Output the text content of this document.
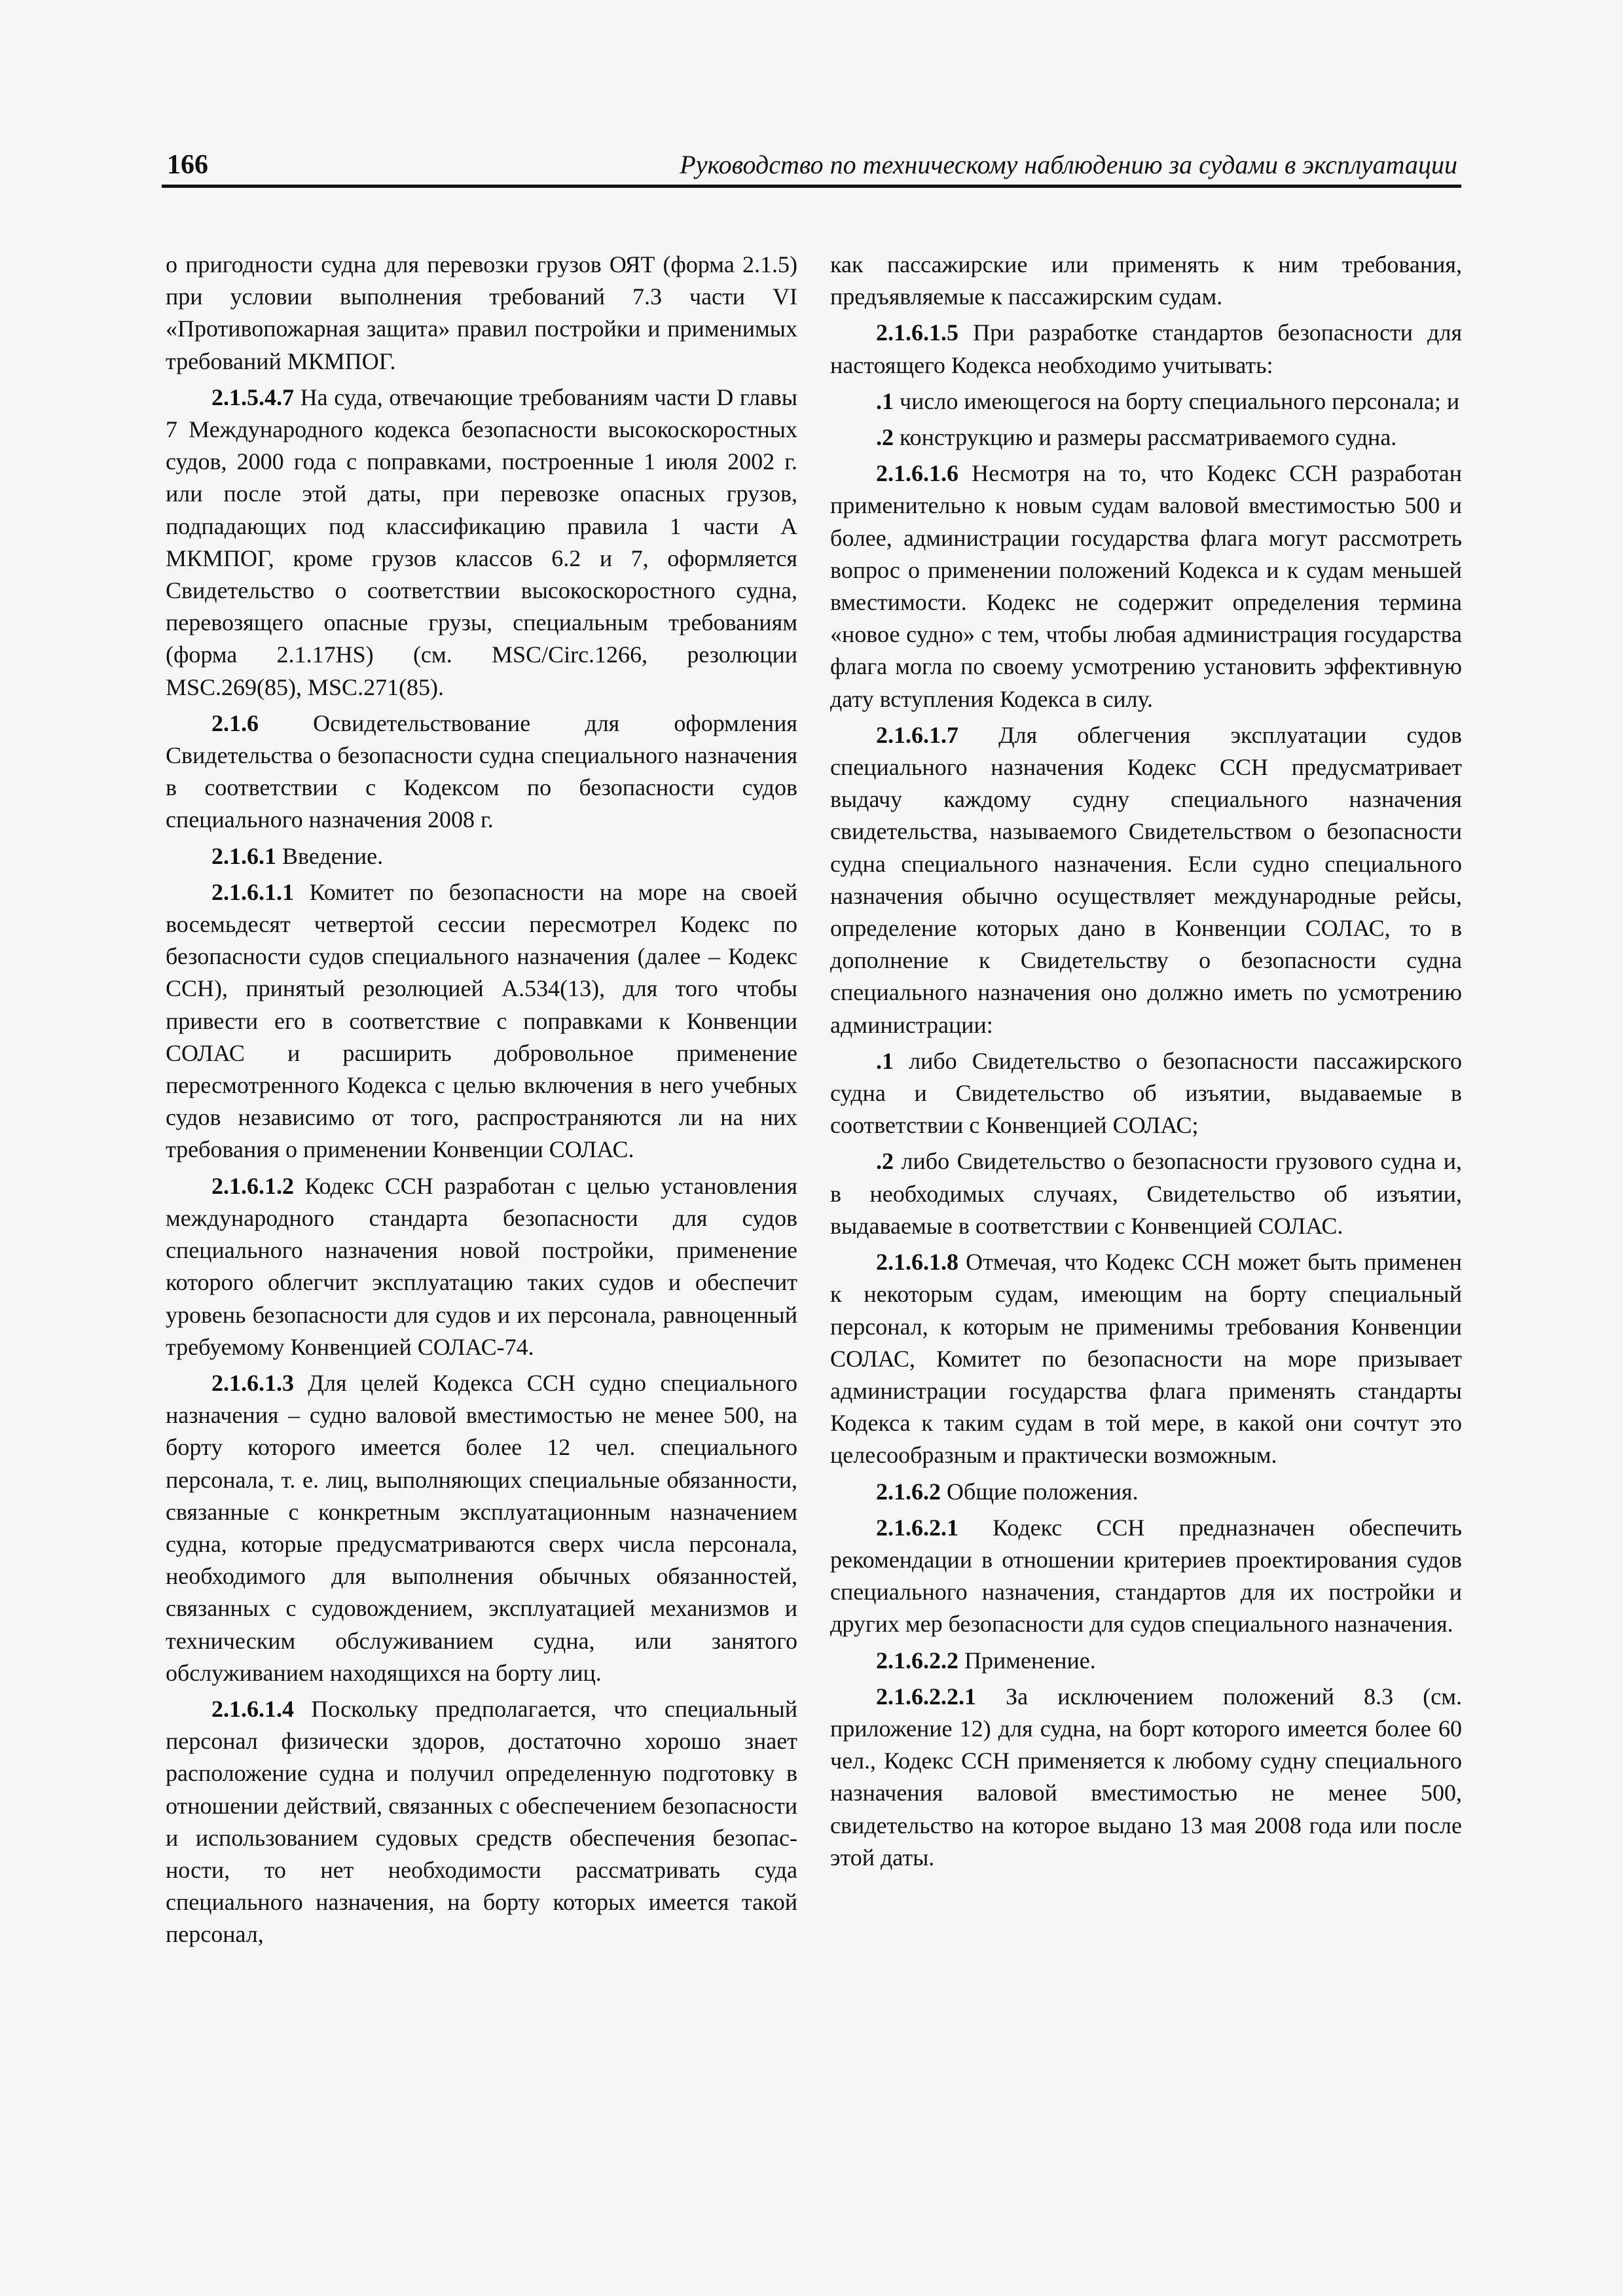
166	Руководство по техническому наблюдению за судами в эксплуатации

о пригодности судна для перевозки грузов ОЯТ (форма 2.1.5) при условии выполнения требований 7.3 части VI «Противопожарная защита» правил постройки и применимых требований МКМПОГ.

2.1.5.4.7 На суда, отвечающие требованиям части D главы 7 Международного кодекса безопасности высокоскоростных судов, 2000 года с поправками, построенные 1 июля 2002 г. или после этой даты, при перевозке опасных грузов, подпадающих под классификацию правила 1 части A МКМПОГ, кроме грузов классов 6.2 и 7, оформляется Свидетельство о соответствии высокоскоростного судна, перевозящего опасные грузы, специальным требованиям (форма 2.1.17HS) (см. MSC/Circ.1266, резолюции MSC.269(85), MSC.271(85).

2.1.6 Освидетельствование для оформления Свидетельства о безопасности судна специального назначения в соответствии с Кодексом по безопасности судов специального назначения 2008 г.

2.1.6.1 Введение.

2.1.6.1.1 Комитет по безопасности на море на своей восемьдесят четвертой сессии пересмотрел Кодекс по безопасности судов специального назначения (далее – Кодекс ССН), принятый резолюцией A.534(13), для того чтобы привести его в соответствие с поправками к Конвенции СОЛАС и расширить добровольное применение пересмотренного Кодекса с целью включения в него учебных судов независимо от того, распространяются ли на них требования о применении Конвенции СОЛАС.

2.1.6.1.2 Кодекс ССН разработан с целью установления международного стандарта безопасности для судов специального назначения новой постройки, применение которого облегчит эксплуатацию таких судов и обеспечит уровень безопасности для судов и их персонала, равноценный требуемому Конвенцией СОЛАС-74.

2.1.6.1.3 Для целей Кодекса ССН судно специального назначения – судно валовой вместимостью не менее 500, на борту которого имеется более 12 чел. специального персонала, т. е. лиц, выполняющих специальные обязанности, связанные с конкретным эксплуатационным назначением судна, которые предусматриваются сверх числа персонала, необходимого для выполнения обычных обязанностей, связанных с судовождением, эксплуатацией механизмов и техническим обслуживанием судна, или занятого обслуживанием находящихся на борту лиц.

2.1.6.1.4 Поскольку предполагается, что специальный персонал физически здоров, достаточно хорошо знает расположение судна и получил определенную подготовку в отношении действий, связанных с обеспечением безопасности и использованием судовых средств обеспечения безопас-ности, то нет необходимости рассматривать суда специального назначения, на борту которых имеется такой персонал,

как пассажирские или применять к ним требования, предъявляемые к пассажирским судам.

2.1.6.1.5 При разработке стандартов безопасности для настоящего Кодекса необходимо учитывать:

.1 число имеющегося на борту специального персонала; и

.2 конструкцию и размеры рассматриваемого судна.

2.1.6.1.6 Несмотря на то, что Кодекс ССН разработан применительно к новым судам валовой вместимостью 500 и более, администрации государства флага могут рассмотреть вопрос о применении положений Кодекса и к судам меньшей вместимости. Кодекс не содержит определения термина «новое судно» с тем, чтобы любая администрация государства флага могла по своему усмотрению установить эффективную дату вступления Кодекса в силу.

2.1.6.1.7 Для облегчения эксплуатации судов специального назначения Кодекс ССН предусматривает выдачу каждому судну специального назначения свидетельства, называемого Свидетельством о безопасности судна специального назначения. Если судно специального назначения обычно осуществляет международные рейсы, определение которых дано в Конвенции СОЛАС, то в дополнение к Свидетельству о безопасности судна специального назначения оно должно иметь по усмотрению администрации:

.1 либо Свидетельство о безопасности пассажирского судна и Свидетельство об изъятии, выдаваемые в соответствии с Конвенцией СОЛАС;

.2 либо Свидетельство о безопасности грузового судна и, в необходимых случаях, Свидетельство об изъятии, выдаваемые в соответствии с Конвенцией СОЛАС.

2.1.6.1.8 Отмечая, что Кодекс ССН может быть применен к некоторым судам, имеющим на борту специальный персонал, к которым не применимы требования Конвенции СОЛАС, Комитет по безопасности на море призывает администрации государства флага применять стандарты Кодекса к таким судам в той мере, в какой они сочтут это целесообразным и практически возможным.

2.1.6.2 Общие положения.

2.1.6.2.1 Кодекс ССН предназначен обеспечить рекомендации в отношении критериев проектирования судов специального назначения, стандартов для их постройки и других мер безопасности для судов специального назначения.

2.1.6.2.2 Применение.

2.1.6.2.2.1 За исключением положений 8.3 (см. приложение 12) для судна, на борт которого имеется более 60 чел., Кодекс ССН применяется к любому судну специального назначения валовой вместимостью не менее 500, свидетельство на которое выдано 13 мая 2008 года или после этой даты.
